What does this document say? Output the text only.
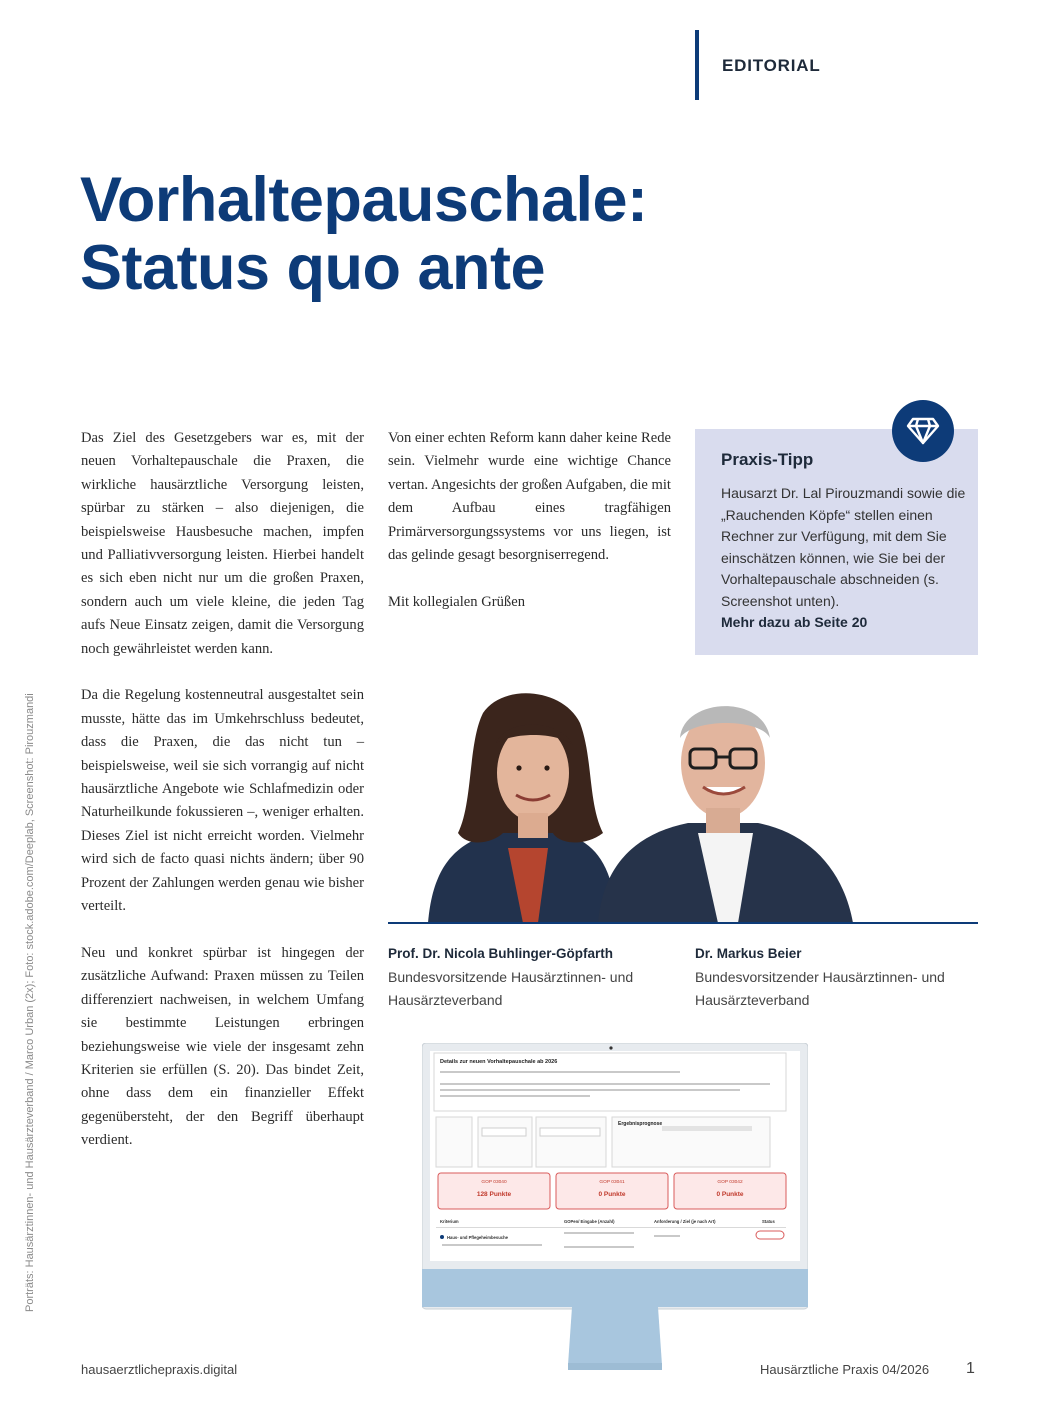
EDITORIAL
Vorhaltepauschale:
Status quo ante
Porträts: Hausärztinnen- und Hausärzteverband / Marco Urban (2x); Foto: stock.adobe.com/Deeplab, Screenshot: Pirouzmandi

Das Ziel des Gesetzgebers war es, mit der neuen Vorhaltepauschale die Praxen, die wirkliche hausärztliche Versorgung leisten, spürbar zu stärken – also diejenigen, die beispielsweise Hausbesuche machen, impfen und Palliativversorgung leisten. Hierbei handelt es sich eben nicht nur um die großen Praxen, sondern auch um viele kleine, die jeden Tag aufs Neue Einsatz zeigen, damit die Versorgung noch gewährleistet werden kann.

Da die Regelung kostenneutral ausgestaltet sein musste, hätte das im Umkehrschluss bedeutet, dass die Praxen, die das nicht tun – beispielsweise, weil sie sich vorrangig auf nicht hausärztliche Angebote wie Schlafmedizin oder Naturheilkunde fokussieren –, weniger erhalten. Dieses Ziel ist nicht erreicht worden. Vielmehr wird sich de facto quasi nichts ändern; über 90 Prozent der Zahlungen werden genau wie bisher verteilt.

Neu und konkret spürbar ist hingegen der zusätzliche Aufwand: Praxen müssen zu Teilen differenziert nachweisen, in welchem Umfang sie bestimmte Leistungen erbringen beziehungsweise wie viele der insgesamt zehn Kriterien sie erfüllen (S. 20). Das bindet Zeit, ohne dass dem ein finanzieller Effekt gegenübersteht, der den Begriff überhaupt verdient.

Von einer echten Reform kann daher keine Rede sein. Vielmehr wurde eine wichtige Chance vertan. Angesichts der großen Aufgaben, die mit dem Aufbau eines tragfähigen Primärversorgungssystems vor uns liegen, ist das gelinde gesagt besorgniserregend.

Mit kollegialen Grüßen

Praxis-Tipp
Hausarzt Dr. Lal Pirouzmandi sowie die „Rauchenden Köpfe“ stellen einen Rechner zur Verfügung, mit dem Sie einschätzen können, wie Sie bei der Vorhaltepauschale abschneiden (s. Screenshot unten).
Mehr dazu ab Seite 20
Prof. Dr. Nicola Buhlinger-Göpfarth
Bundesvorsitzende Hausärztinnen- und Hausärzteverband
Dr. Markus Beier
Bundesvorsitzender Hausärztinnen- und Hausärzteverband
Details zur neuen Vorhaltepauschale ab 2026
Ergebnisprognose
GOP 03040
128 Punkte
GOP 03041
0 Punkte
GOP 03042
0 Punkte
Kriterium	GOPen/ Eingabe (Anzahl)	Anforderung / Ziel (je nach Art)	Status
Haus- und Pflegeheimbesuche
hausaerztlichepraxis.digital	Hausärztliche Praxis 04/2026 1
